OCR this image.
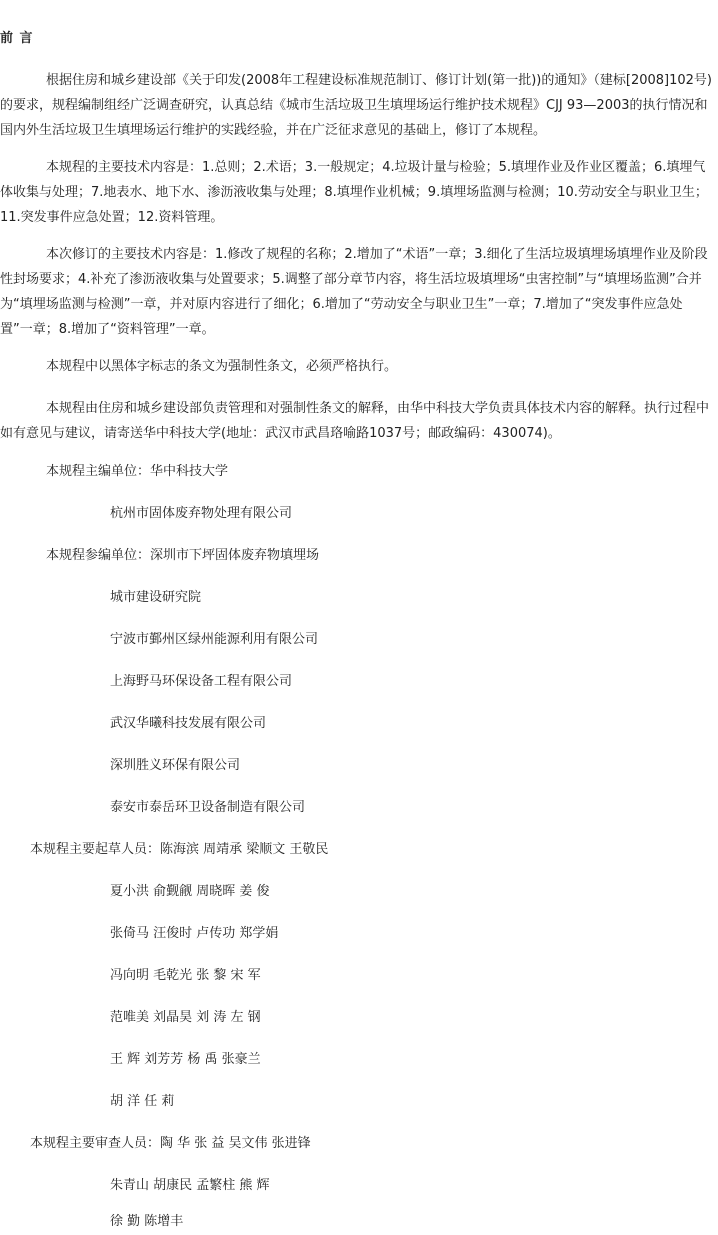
前 言

根据住房和城乡建设部《关于印发(2008年工程建设标准规范制订、修订计划(第一批))的通知》（建标[2008]102号)的要求，规程编制组经广泛调查研究，认真总结《城市生活垃圾卫生填埋场运行维护技术规程》CJJ 93—2003的执行情况和国内外生活垃圾卫生填埋场运行维护的实践经验，并在广泛征求意见的基础上，修订了本规程。

本规程的主要技术内容是：1.总则；2.术语；3.一般规定；4.垃圾计量与检验；5.填埋作业及作业区覆盖；6.填埋气体收集与处理；7.地表水、地下水、渗沥液收集与处理；8.填埋作业机械；9.填埋场监测与检测；10.劳动安全与职业卫生；11.突发事件应急处置；12.资料管理。

本次修订的主要技术内容是：1.修改了规程的名称；2.增加了“术语”一章；3.细化了生活垃圾填埋场填埋作业及阶段性封场要求；4.补充了渗沥液收集与处置要求；5.调整了部分章节内容，将生活垃圾填埋场“虫害控制”与“填埋场监测”合并为“填埋场监测与检测”一章，并对原内容进行了细化；6.增加了“劳动安全与职业卫生”一章；7.增加了“突发事件应急处置”一章；8.增加了“资料管理”一章。

本规程中以黑体字标志的条文为强制性条文，必须严格执行。

本规程由住房和城乡建设部负责管理和对强制性条文的解释，由华中科技大学负责具体技术内容的解释。执行过程中如有意见与建议，请寄送华中科技大学(地址：武汉市武昌珞喻路1037号；邮政编码：430074)。

本规程主编单位：华中科技大学
杭州市固体废弃物处理有限公司
本规程参编单位：深圳市下坪固体废弃物填埋场
城市建设研究院
宁波市鄞州区绿州能源利用有限公司
上海野马环保设备工程有限公司
武汉华曦科技发展有限公司
深圳胜义环保有限公司
泰安市泰岳环卫设备制造有限公司
本规程主要起草人员：陈海滨 周靖承 梁顺文 王敬民
夏小洪 俞觐觎 周晓晖 姜 俊
张倚马 汪俊时 卢传功 郑学娟
冯向明 毛乾光 张 黎 宋 军
范唯美 刘晶昊 刘 涛 左 钢
王 辉 刘芳芳 杨 禹 张豪兰
胡 洋 任 莉
本规程主要审查人员：陶 华 张 益 吴文伟 张进锋
朱青山 胡康民 孟繁柱 熊 辉
徐 勤 陈增丰
